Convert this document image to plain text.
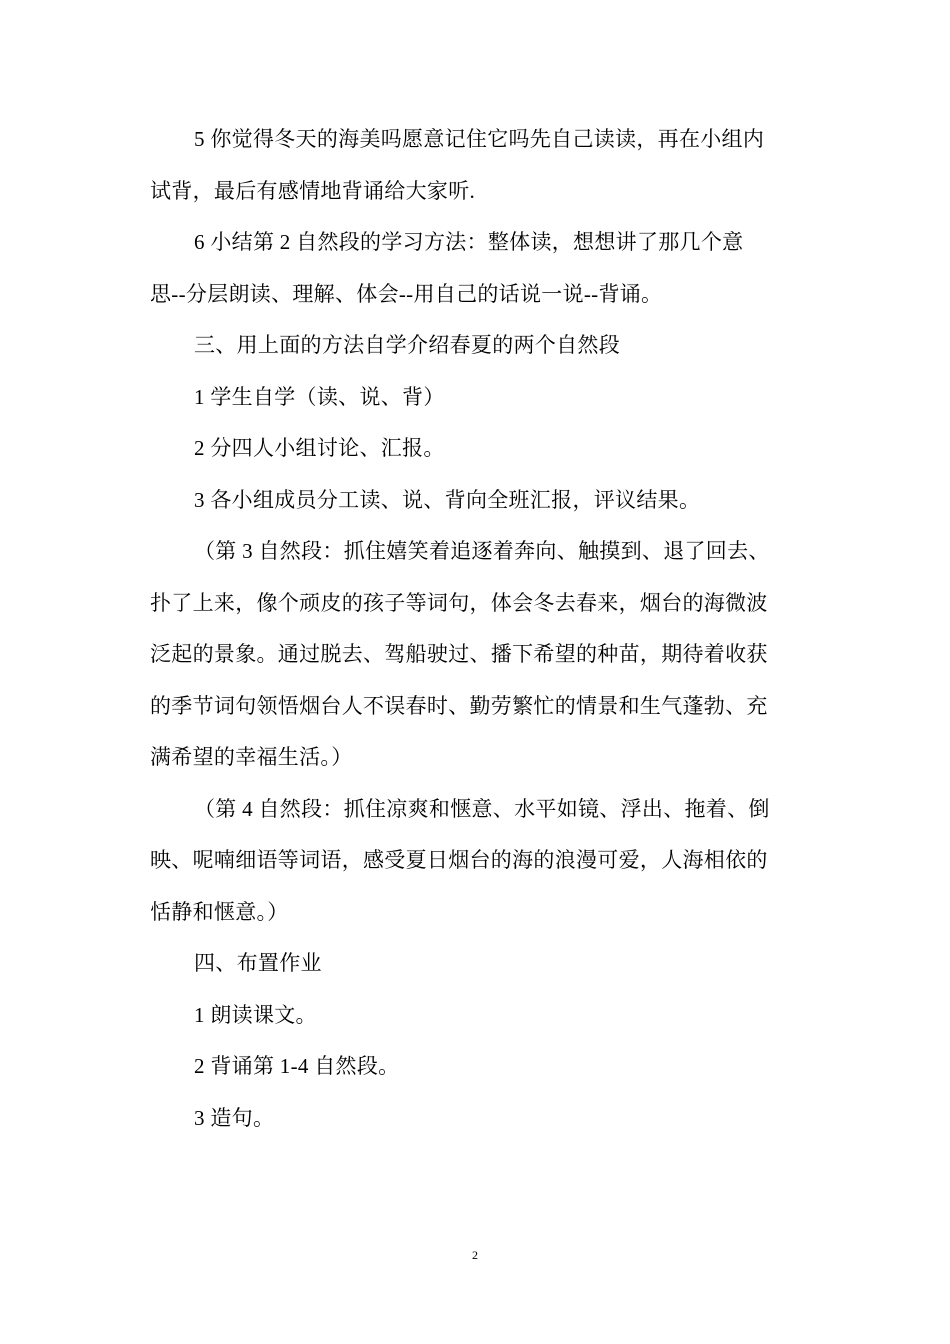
5 你觉得冬天的海美吗愿意记住它吗先自己读读，再在小组内
试背，最后有感情地背诵给大家听.

6 小结第 2 自然段的学习方法：整体读，想想讲了那几个意
思--分层朗读、理解、体会--用自己的话说一说--背诵。

三、用上面的方法自学介绍春夏的两个自然段

1 学生自学（读、说、背）

2 分四人小组讨论、汇报。

3 各小组成员分工读、说、背向全班汇报，评议结果。

（第 3 自然段：抓住嬉笑着追逐着奔向、触摸到、退了回去、
扑了上来，像个顽皮的孩子等词句，体会冬去春来，烟台的海微波
泛起的景象。通过脱去、驾船驶过、播下希望的种苗，期待着收获
的季节词句领悟烟台人不误春时、勤劳繁忙的情景和生气蓬勃、充
满希望的幸福生活。）

（第 4 自然段：抓住凉爽和惬意、水平如镜、浮出、拖着、倒
映、呢喃细语等词语，感受夏日烟台的海的浪漫可爱，人海相依的
恬静和惬意。）

四、布置作业

1 朗读课文。

2 背诵第 1-4 自然段。

3 造句。

2
